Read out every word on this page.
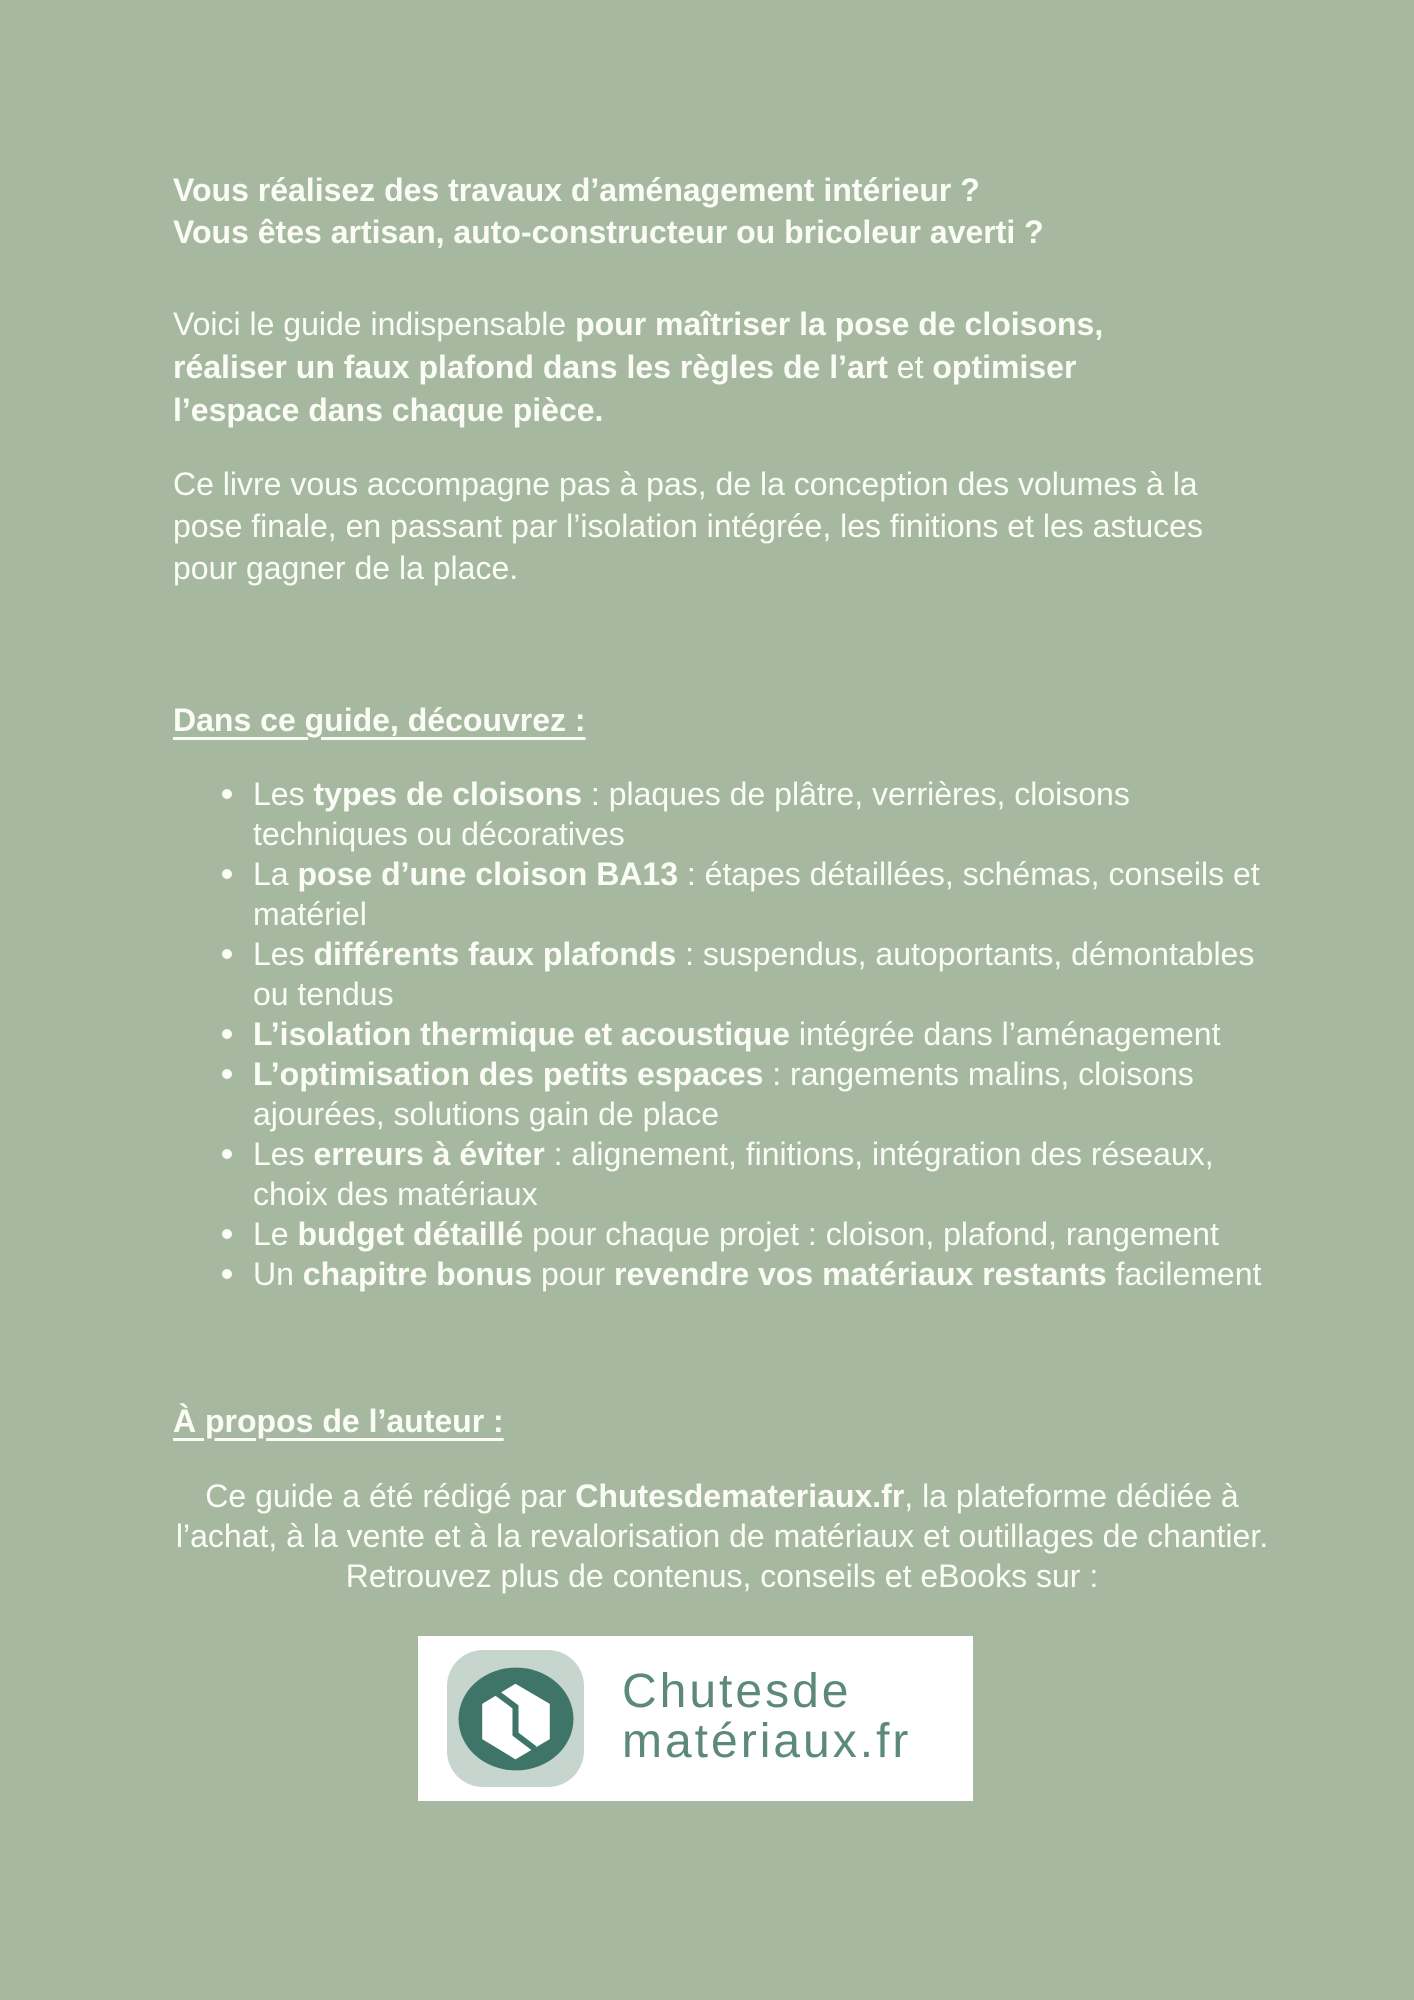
Vous réalisez des travaux d’aménagement intérieur ?
Vous êtes artisan, auto-constructeur ou bricoleur averti ?
Voici le guide indispensable pour maîtriser la pose de cloisons,
réaliser un faux plafond dans les règles de l’art et optimiser
l’espace dans chaque pièce.
Ce livre vous accompagne pas à pas, de la conception des volumes à la
pose finale, en passant par l’isolation intégrée, les finitions et les astuces
pour gagner de la place.
Dans ce guide, découvrez :
Les types de cloisons : plaques de plâtre, verrières, cloisons
techniques ou décoratives
La pose d’une cloison BA13 : étapes détaillées, schémas, conseils et
matériel
Les différents faux plafonds : suspendus, autoportants, démontables
ou tendus
L’isolation thermique et acoustique intégrée dans l’aménagement
L’optimisation des petits espaces : rangements malins, cloisons
ajourées, solutions gain de place
Les erreurs à éviter : alignement, finitions, intégration des réseaux,
choix des matériaux
Le budget détaillé pour chaque projet : cloison, plafond, rangement
Un chapitre bonus pour revendre vos matériaux restants facilement
À propos de l’auteur :
Ce guide a été rédigé par Chutesdemateriaux.fr, la plateforme dédiée à
l’achat, à la vente et à la revalorisation de matériaux et outillages de chantier.
Retrouvez plus de contenus, conseils et eBooks sur :
Chutesde
matériaux.fr
